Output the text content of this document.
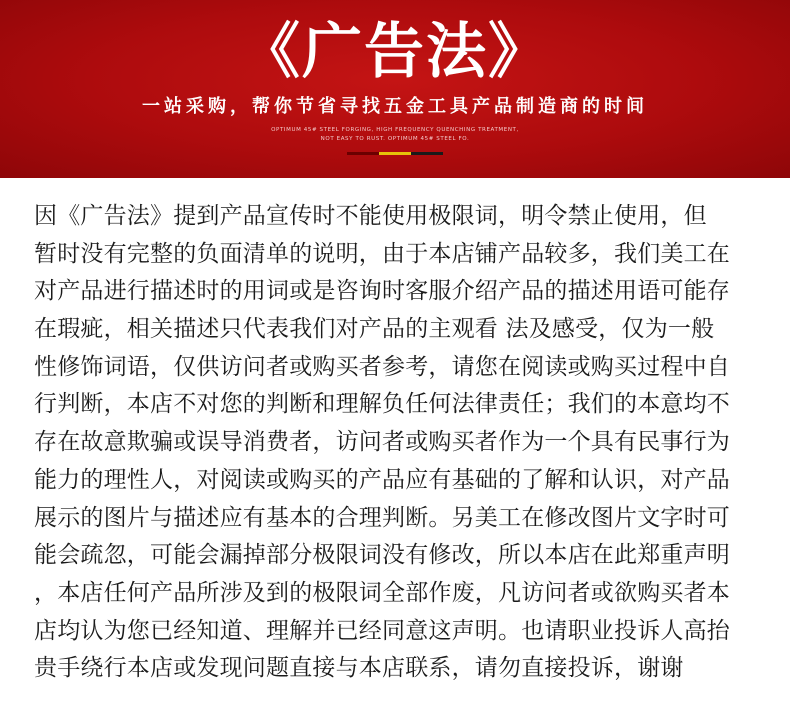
《广告法》
一站采购，帮你节省寻找五金工具产品制造商的时间
OPTIMUM 45# STEEL FORGING, HIGH FREQUENCY QUENCHING TREATMENT,
NOT EASY TO RUST. OPTIMUM 45# STEEL FO.
因《广告法》提到产品宣传时不能使用极限词，明令禁止使用，但
暂时没有完整的负面清单的说明，由于本店铺产品较多，我们美工在
对产品进行描述时的用词或是咨询时客服介绍产品的描述用语可能存
在瑕疵，相关描述只代表我们对产品的主观看 法及感受，仅为一般
性修饰词语，仅供访问者或购买者参考，请您在阅读或购买过程中自
行判断，本店不对您的判断和理解负任何法律责任；我们的本意均不
存在故意欺骗或误导消费者，访问者或购买者作为一个具有民事行为
能力的理性人，对阅读或购买的产品应有基础的了解和认识，对产品
展示的图片与描述应有基本的合理判断。另美工在修改图片文字时可
能会疏忽，可能会漏掉部分极限词没有修改，所以本店在此郑重声明
，本店任何产品所涉及到的极限词全部作废，凡访问者或欲购买者本
店均认为您已经知道、理解并已经同意这声明。也请职业投诉人高抬
贵手绕行本店或发现问题直接与本店联系，请勿直接投诉，谢谢
